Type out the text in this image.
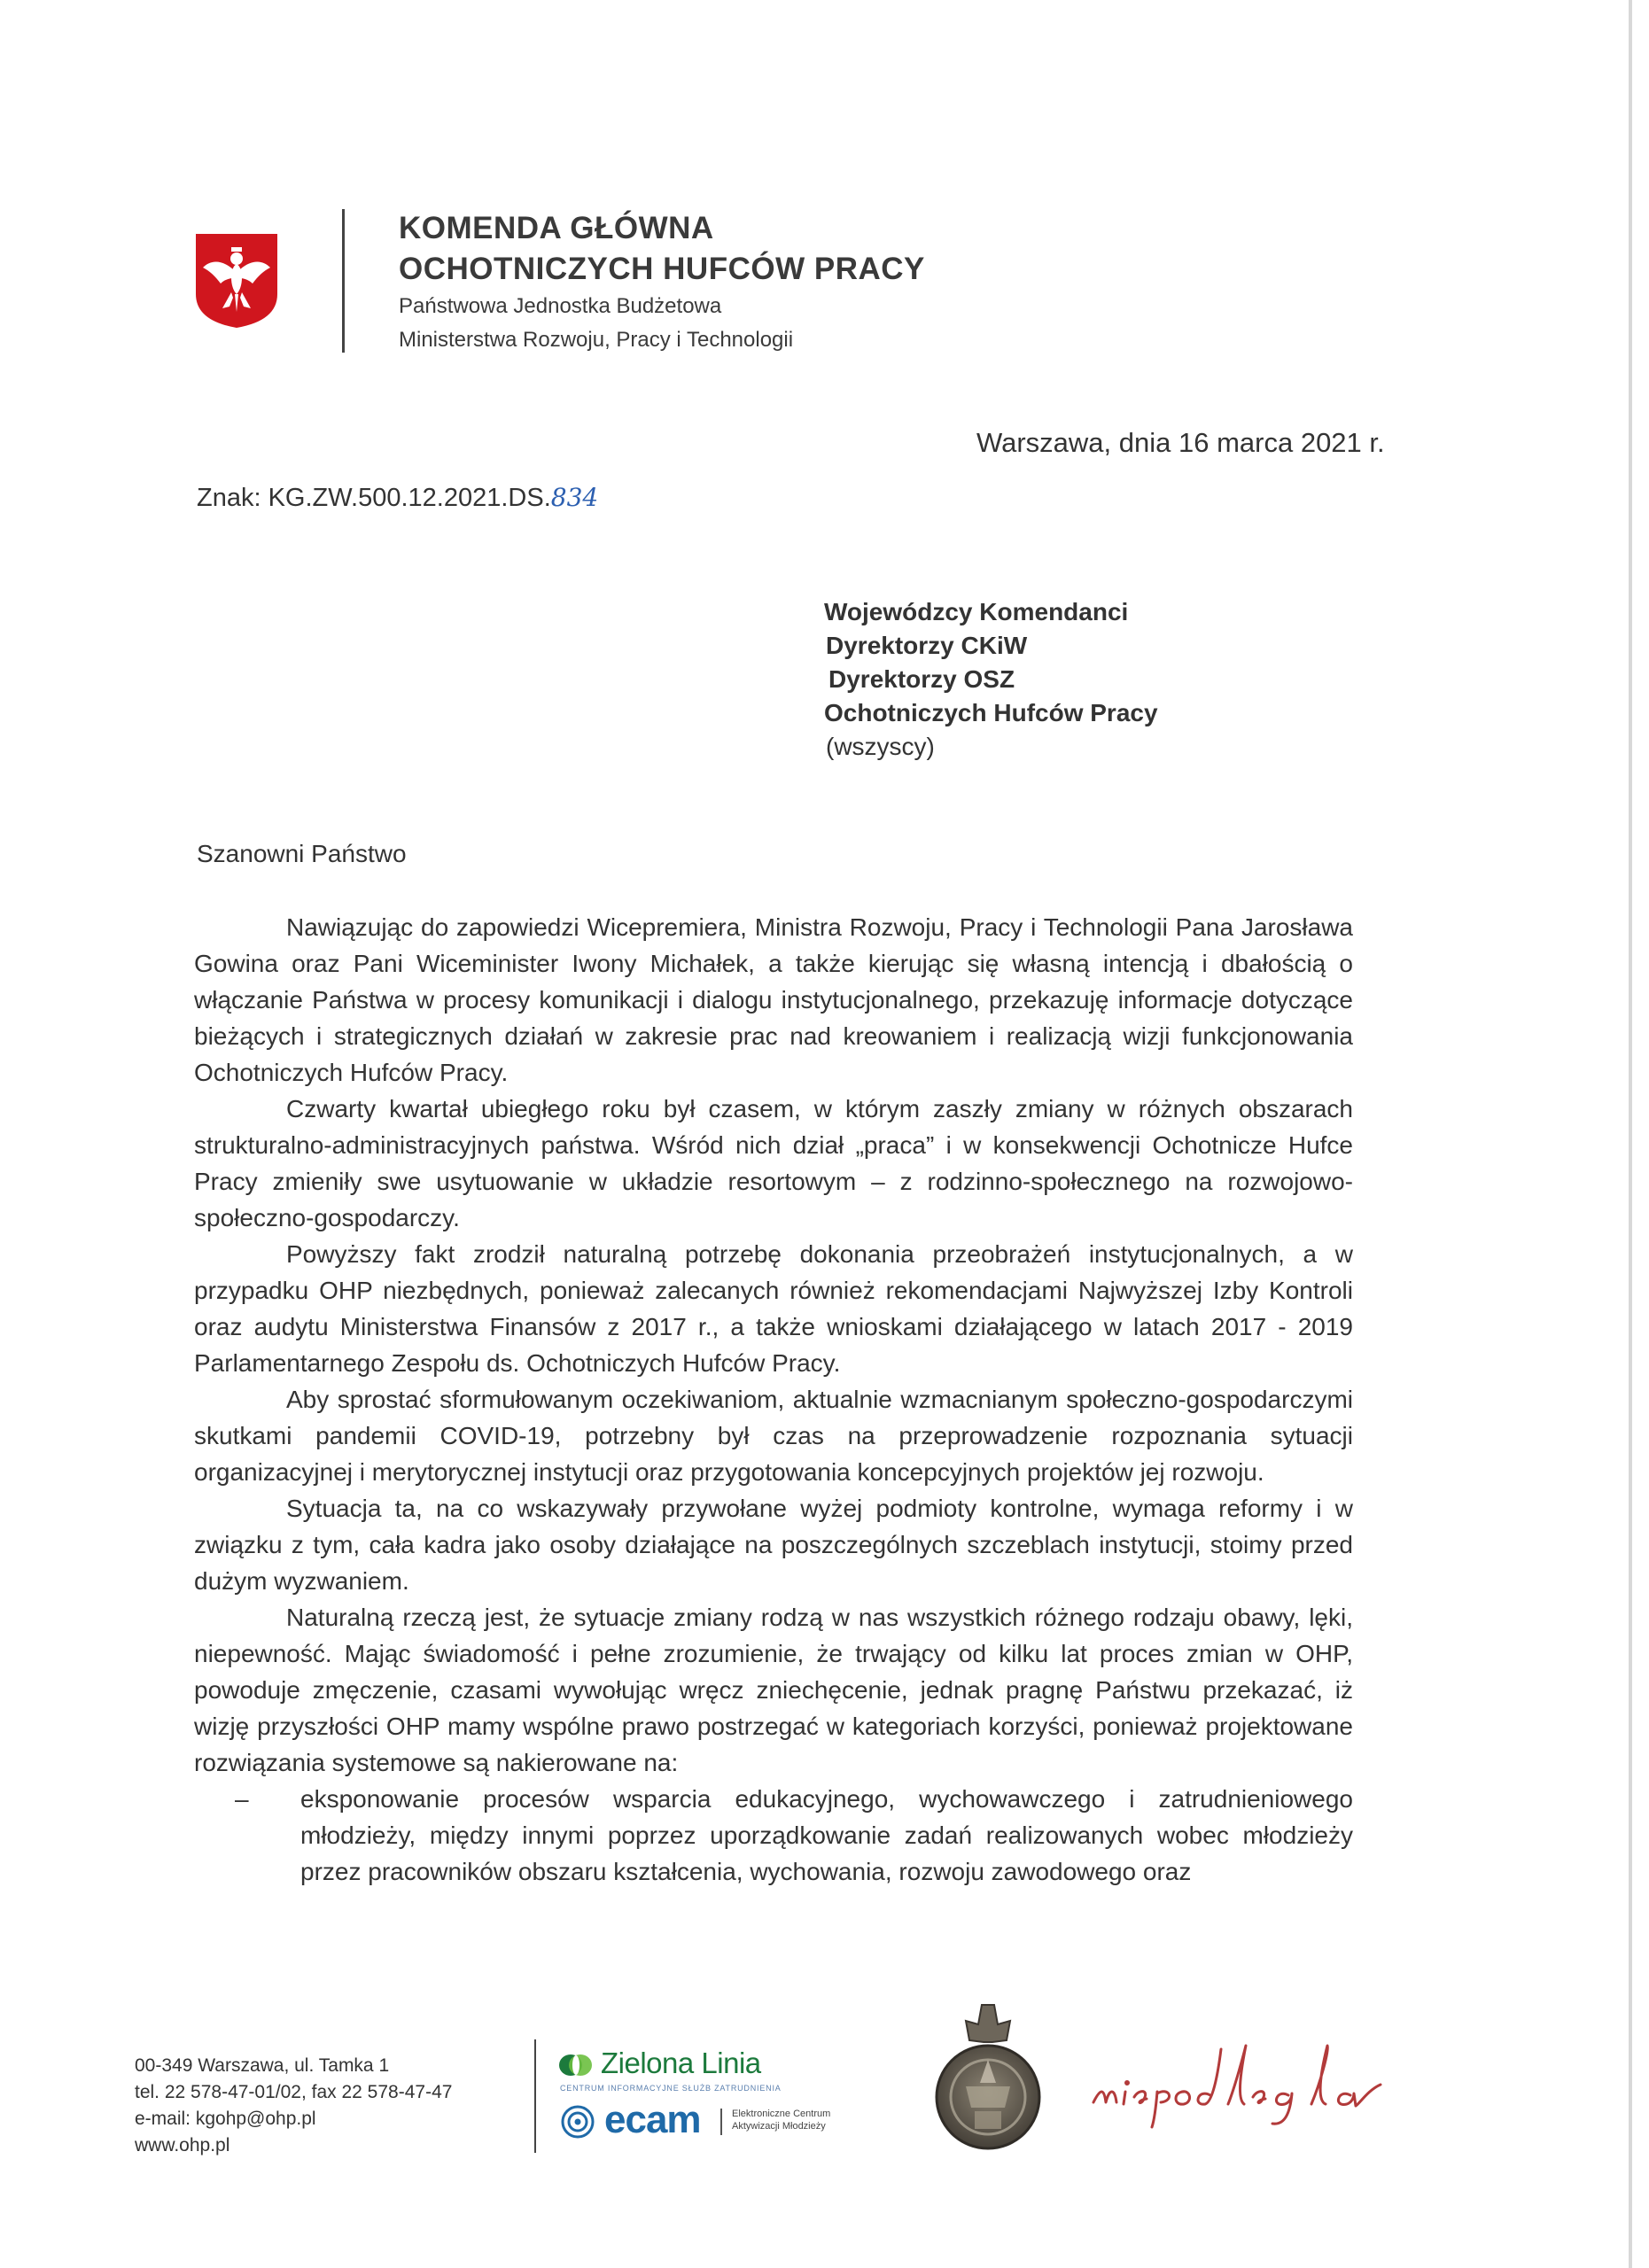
KOMENDA GŁÓWNA
OCHOTNICZYCH HUFCÓW PRACY
Państwowa Jednostka Budżetowa
Ministerstwa Rozwoju, Pracy i Technologii
Warszawa, dnia 16 marca 2021 r.
Znak: KG.ZW.500.12.2021.DS.834
Wojewódzcy Komendanci
Dyrektorzy CKiW
Dyrektorzy OSZ
Ochotniczych Hufców Pracy
(wszyscy)
Szanowni Państwo

Nawiązując do zapowiedzi Wicepremiera, Ministra Rozwoju, Pracy i Technologii Pana Jarosława Gowina oraz Pani Wiceminister Iwony Michałek, a także kierując się własną intencją i dbałością o włączanie Państwa w procesy komunikacji i dialogu instytucjonalnego, przekazuję informacje dotyczące bieżących i strategicznych działań w zakresie prac nad kreowaniem i realizacją wizji funkcjonowania Ochotniczych Hufców Pracy.

Czwarty kwartał ubiegłego roku był czasem, w którym zaszły zmiany w różnych obszarach strukturalno-administracyjnych państwa. Wśród nich dział „praca” i w konsekwencji Ochotnicze Hufce Pracy zmieniły swe usytuowanie w układzie resortowym – z rodzinno-społecznego na rozwojowo-społeczno-gospodarczy.

Powyższy fakt zrodził naturalną potrzebę dokonania przeobrażeń instytucjonalnych, a w przypadku OHP niezbędnych, ponieważ zalecanych również rekomendacjami Najwyższej Izby Kontroli oraz audytu Ministerstwa Finansów z 2017 r., a także wnioskami działającego w latach 2017 - 2019 Parlamentarnego Zespołu ds. Ochotniczych Hufców Pracy.

Aby sprostać sformułowanym oczekiwaniom, aktualnie wzmacnianym społeczno-gospodarczymi skutkami pandemii COVID-19, potrzebny był czas na przeprowadzenie rozpoznania sytuacji organizacyjnej i merytorycznej instytucji oraz przygotowania koncepcyjnych projektów jej rozwoju.

Sytuacja ta, na co wskazywały przywołane wyżej podmioty kontrolne, wymaga reformy i w związku z tym, cała kadra jako osoby działające na poszczególnych szczeblach instytucji, stoimy przed dużym wyzwaniem.

Naturalną rzeczą jest, że sytuacje zmiany rodzą w nas wszystkich różnego rodzaju obawy, lęki, niepewność. Mając świadomość i pełne zrozumienie, że trwający od kilku lat proces zmian w OHP, powoduje zmęczenie, czasami wywołując wręcz zniechęcenie, jednak pragnę Państwu przekazać, iż wizję przyszłości OHP mamy wspólne prawo postrzegać w kategoriach korzyści, ponieważ projektowane rozwiązania systemowe są nakierowane na:

– eksponowanie procesów wsparcia edukacyjnego, wychowawczego i zatrudnieniowego młodzieży, między innymi poprzez uporządkowanie zadań realizowanych wobec młodzieży przez pracowników obszaru kształcenia, wychowania, rozwoju zawodowego oraz
00-349 Warszawa, ul. Tamka 1
tel. 22 578-47-01/02, fax 22 578-47-47
e-mail: kgohp@ohp.pl
www.ohp.pl
Zielona Linia
CENTRUM INFORMACYJNE SŁUŻB ZATRUDNIENIA
ecam	Elektroniczne Centrum
Aktywizacji Młodzieży
